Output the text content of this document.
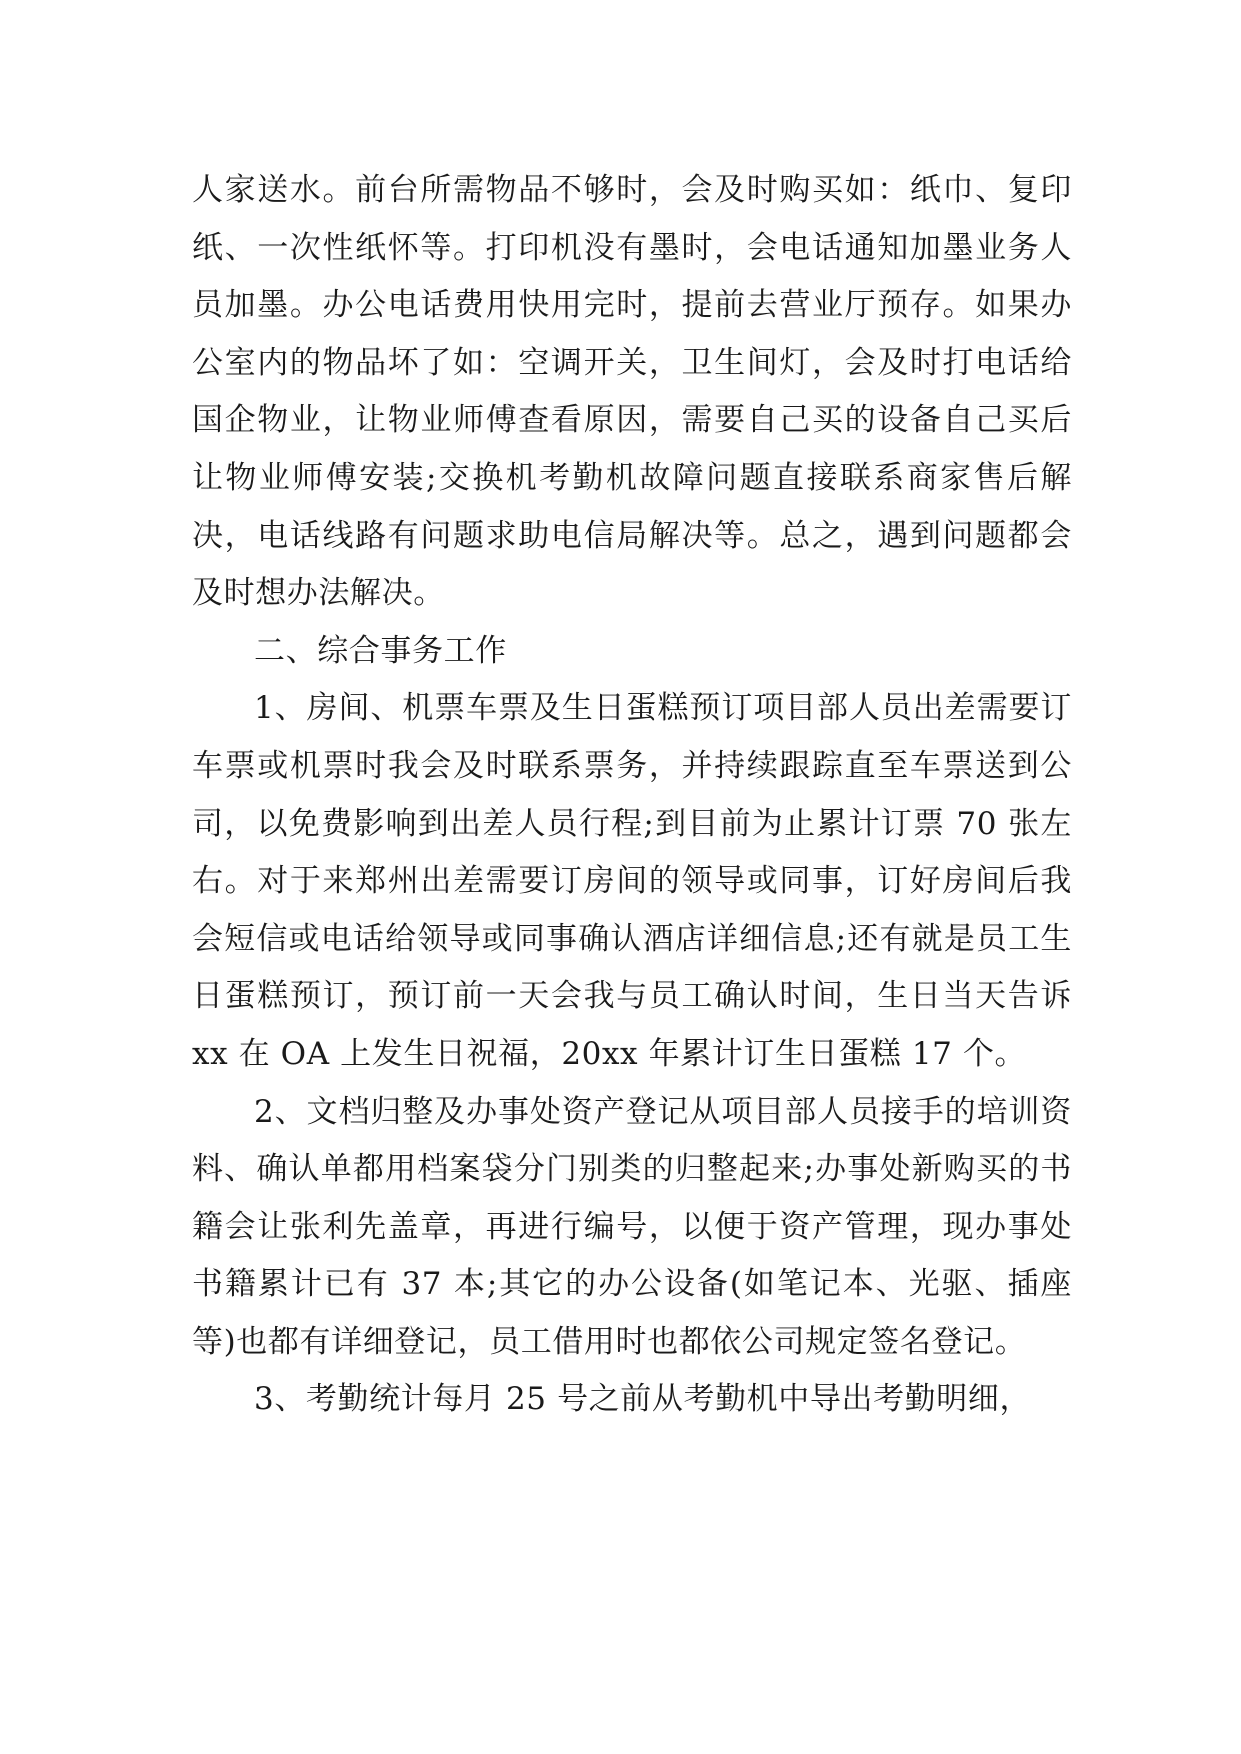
人家送水。前台所需物品不够时，会及时购买如：纸巾、复印纸、一次性纸怀等。打印机没有墨时，会电话通知加墨业务人员加墨。办公电话费用快用完时，提前去营业厅预存。如果办公室内的物品坏了如：空调开关，卫生间灯，会及时打电话给国企物业，让物业师傅查看原因，需要自己买的设备自己买后让物业师傅安装;交换机考勤机故障问题直接联系商家售后解决，电话线路有问题求助电信局解决等。总之，遇到问题都会及时想办法解决。

二、综合事务工作

1、房间、机票车票及生日蛋糕预订项目部人员出差需要订车票或机票时我会及时联系票务，并持续跟踪直至车票送到公司，以免费影响到出差人员行程;到目前为止累计订票 70 张左右。对于来郑州出差需要订房间的领导或同事，订好房间后我会短信或电话给领导或同事确认酒店详细信息;还有就是员工生日蛋糕预订，预订前一天会我与员工确认时间，生日当天告诉 xx 在 OA 上发生日祝福，20xx 年累计订生日蛋糕 17 个。

2、文档归整及办事处资产登记从项目部人员接手的培训资料、确认单都用档案袋分门别类的归整起来;办事处新购买的书籍会让张利先盖章，再进行编号，以便于资产管理，现办事处书籍累计已有 37 本;其它的办公设备(如笔记本、光驱、插座等)也都有详细登记，员工借用时也都依公司规定签名登记。

3、考勤统计每月 25 号之前从考勤机中导出考勤明细，
